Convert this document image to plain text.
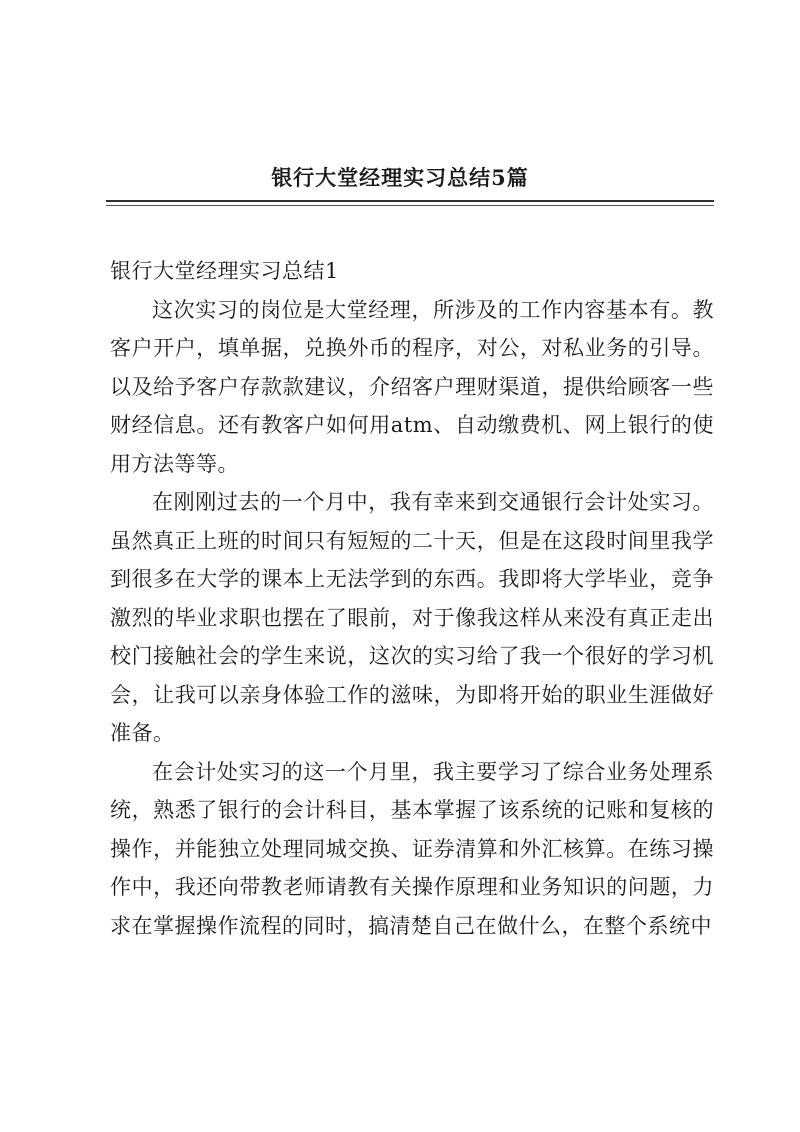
银行大堂经理实习总结5篇
银行大堂经理实习总结1

这次实习的岗位是大堂经理，所涉及的工作内容基本有。教客户开户，填单据，兑换外币的程序，对公，对私业务的引导。以及给予客户存款款建议，介绍客户理财渠道，提供给顾客一些财经信息。还有教客户如何用atm、自动缴费机、网上银行的使用方法等等。

在刚刚过去的一个月中，我有幸来到交通银行会计处实习。虽然真正上班的时间只有短短的二十天，但是在这段时间里我学到很多在大学的课本上无法学到的东西。我即将大学毕业，竞争激烈的毕业求职也摆在了眼前，对于像我这样从来没有真正走出校门接触社会的学生来说，这次的实习给了我一个很好的学习机会，让我可以亲身体验工作的滋味，为即将开始的职业生涯做好准备。

在会计处实习的这一个月里，我主要学习了综合业务处理系统，熟悉了银行的会计科目，基本掌握了该系统的记账和复核的操作，并能独立处理同城交换、证券清算和外汇核算。在练习操作中，我还向带教老师请教有关操作原理和业务知识的问题，力求在掌握操作流程的同时，搞清楚自己在做什么，在整个系统中
